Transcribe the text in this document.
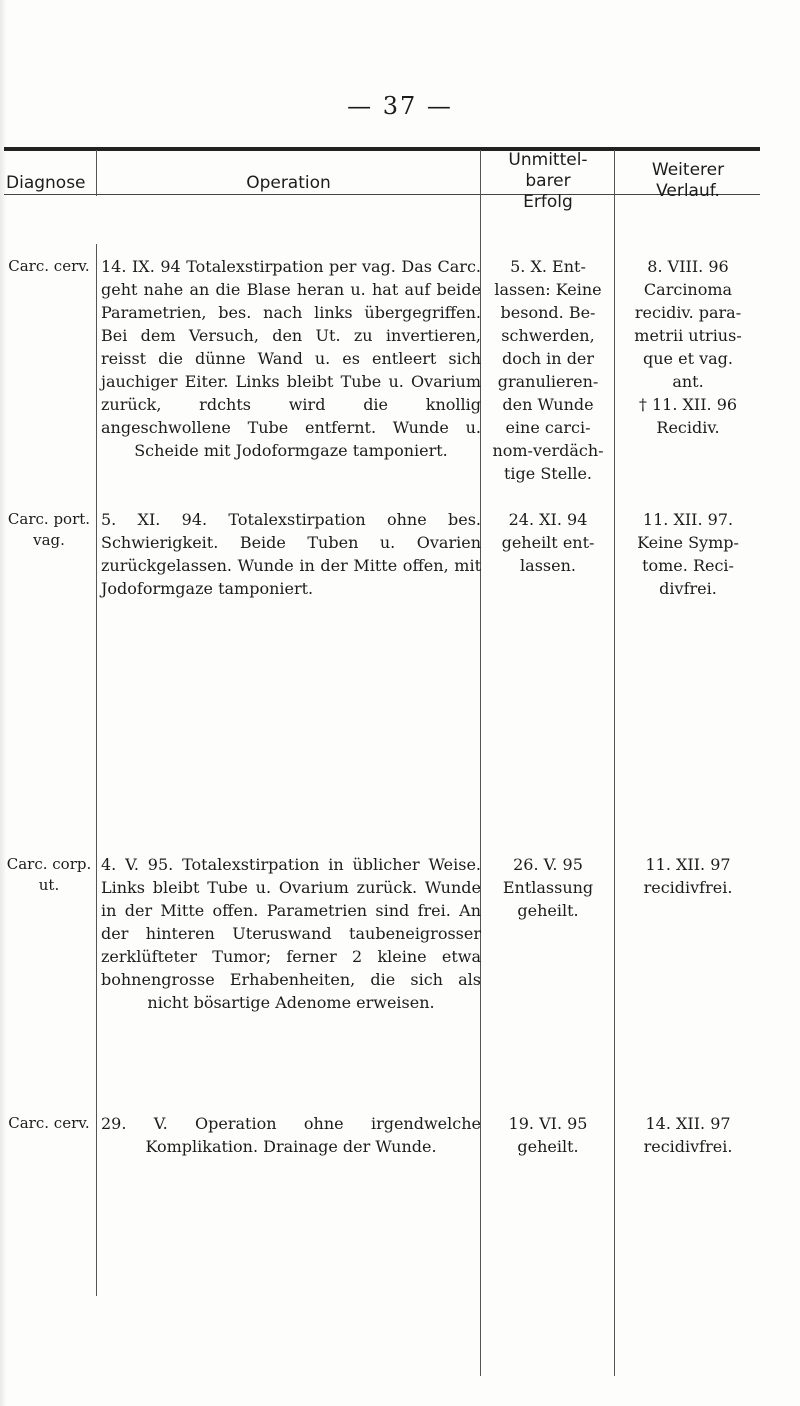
— 37 —
Diagnose	Operation
Unmittel-
barer
Erfolg
Weiterer
Verlauf.
Carc. cerv. 14. IX. 94 Totalexstirpation per vag. Das Carc. geht nahe an die Blase heran u. hat auf beide Parametrien, bes. nach links übergegriffen. Bei dem Versuch, den Ut. zu invertieren, reisst die dünne Wand u. es entleert sich jauchiger Eiter. Links bleibt Tube u. Ovarium zurück, rdchts wird die knollig angeschwollene Tube entfernt. Wunde u. Scheide mit Jodoformgaze tamponiert.
5. X. Ent-
lassen: Keine
besond. Be-
schwerden,
doch in der
granulieren-
den Wunde
eine carci-
nom-verdäch-
tige Stelle.
8. VIII. 96
Carcinoma
recidiv. para-
metrii utrius-
que et vag.
ant.
† 11. XII. 96
Recidiv.
Carc. port.
vag.
5. XI. 94. Totalexstirpation ohne bes. Schwierigkeit. Beide Tuben u. Ovarien zurückgelassen. Wunde in der Mitte offen, mit Jodoformgaze tamponiert.
24. XI. 94
geheilt ent-
lassen.
11. XII. 97.
Keine Symp-
tome. Reci-
divfrei.
Carc. corp.
ut.
4. V. 95. Totalexstirpation in üblicher Weise. Links bleibt Tube u. Ovarium zurück. Wunde in der Mitte offen. Parametrien sind frei. An der hinteren Uteruswand taubeneigrosser zerklüfteter Tumor; ferner 2 kleine etwa bohnengrosse Erhabenheiten, die sich als nicht bösartige Adenome erweisen.
26. V. 95
Entlassung
geheilt.
11. XII. 97
recidivfrei.
Carc. cerv. 29. V. Operation ohne irgendwelche Komplikation. Drainage der Wunde.
19. VI. 95
geheilt.
14. XII. 97
recidivfrei.
